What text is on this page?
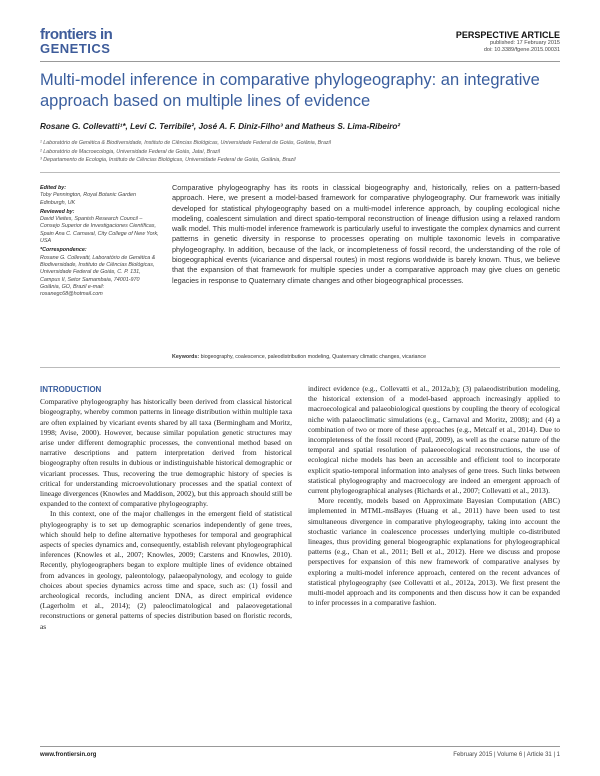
frontiers in
GENETICS
PERSPECTIVE ARTICLE
published: 17 February 2015
doi: 10.3389/fgene.2015.00031
Multi-model inference in comparative phylogeography: an integrative approach based on multiple lines of evidence
Rosane G. Collevatti¹*, Levi C. Terribile², José A. F. Diniz-Filho³ and Matheus S. Lima-Ribeiro²
¹ Laboratório de Genética & Biodiversidade, Instituto de Ciências Biológicas, Universidade Federal de Goiás, Goiânia, Brazil
² Laboratório de Macroecologia, Universidade Federal de Goiás, Jataí, Brazil
³ Departamento de Ecologia, Instituto de Ciências Biológicas, Universidade Federal de Goiás, Goiânia, Brazil
Edited by:
Toby Pennington, Royal Botanic Garden Edinburgh, UK
Reviewed by:
David Vieites, Spanish Research Council – Consejo Superior de Investigaciones Científicas, Spain Ana C. Carnaval, City College of New York, USA
*Correspondence:
Rosane G. Collevatti, Laboratório de Genética & Biodiversidade, Instituto de Ciências Biológicas, Universidade Federal de Goiás, C. P. 131, Campus II, Setor Samambaia, 74001-970 Goiânia, GO, Brazil e-mail: rosanegc68@hotmail.com
Comparative phylogeography has its roots in classical biogeography and, historically, relies on a pattern-based approach. Here, we present a model-based framework for comparative phylogeography. Our framework was initially developed for statistical phylogeography based on a multi-model inference approach, by coupling ecological niche modeling, coalescent simulation and direct spatio-temporal reconstruction of lineage diffusion using a relaxed random walk model. This multi-model inference framework is particularly useful to investigate the complex dynamics and current patterns in genetic diversity in response to processes operating on multiple taxonomic levels in comparative phylogeography. In addition, because of the lack, or incompleteness of fossil record, the understanding of the role of biogeographical events (vicariance and dispersal routes) in most regions worldwide is barely known. Thus, we believe that the expansion of that framework for multiple species under a comparative approach may give clues on genetic legacies in response to Quaternary climate changes and other biogeographical processes.
Keywords: biogeography, coalescence, paleodistribution modeling, Quaternary climatic changes, vicariance
INTRODUCTION

Comparative phylogeography has historically been derived from classical historical biogeography, whereby common patterns in lineage distribution within multiple taxa are often explained by vicariant events shared by all taxa (Bermingham and Moritz, 1998; Avise, 2000). However, because similar population genetic structures may arise under different demographic processes, the conventional method based on narrative descriptions and pattern interpretation derived from historical biogeography often results in dubious or indistinguishable historical demographic or vicariant processes. Thus, recovering the true demographic history of species is critical for understanding microevolutionary processes and the spatial context of lineage divergences (Knowles and Maddison, 2002), but this approach should still be expanded to the context of comparative phylogeography.

In this context, one of the major challenges in the emergent field of statistical phylogeography is to set up demographic scenarios independently of gene trees, which should help to define alternative hypotheses for temporal and geographical aspects of species dynamics and, consequently, establish relevant phylogeographical inferences (Knowles et al., 2007; Knowles, 2009; Carstens and Knowles, 2010). Recently, phylogeographers began to explore multiple lines of evidence obtained from advances in geology, paleontology, palaeopalynology, and ecology to guide choices about species dynamics across time and space, such as: (1) fossil and archeological records, including ancient DNA, as direct empirical evidence (Lagerholm et al., 2014); (2) paleoclimatological and palaeovegetational reconstructions or general patterns of species distribution based on floristic records, as

indirect evidence (e.g., Collevatti et al., 2012a,b); (3) palaeodistribution modeling, the historical extension of a model-based approach increasingly applied to macroecological and palaeobiological questions by coupling the theory of ecological niche with palaeoclimatic simulations (e.g., Carnaval and Moritz, 2008); and (4) a combination of two or more of these approaches (e.g., Metcalf et al., 2014). Due to incompleteness of the fossil record (Paul, 2009), as well as the coarse nature of the temporal and spatial resolution of palaeoecological reconstructions, the use of ecological niche models has been an accessible and efficient tool to incorporate explicit spatio-temporal information into analyses of gene trees. Such links between statistical phylogeography and macroecology are indeed an emergent approach of current phylogeographical analyses (Richards et al., 2007; Collevatti et al., 2013).

More recently, models based on Approximate Bayesian Computation (ABC) implemented in MTML-msBayes (Huang et al., 2011) have been used to test simultaneous divergence in comparative phylogeography, taking into account the stochastic variance in coalescence processes underlying multiple co-distributed lineages, thus providing general biogeographic explanations for phylogeographical patterns (e.g., Chan et al., 2011; Bell et al., 2012). Here we discuss and propose perspectives for expansion of this new framework of comparative analyses by exploring a multi-model inference approach, centered on the recent advances of statistical phylogeography (see Collevatti et al., 2012a, 2013). We first present the multi-model approach and its components and then discuss how it can be expanded to infer processes in a comparative fashion.

www.frontiersin.org	February 2015 | Volume 6 | Article 31 | 1
